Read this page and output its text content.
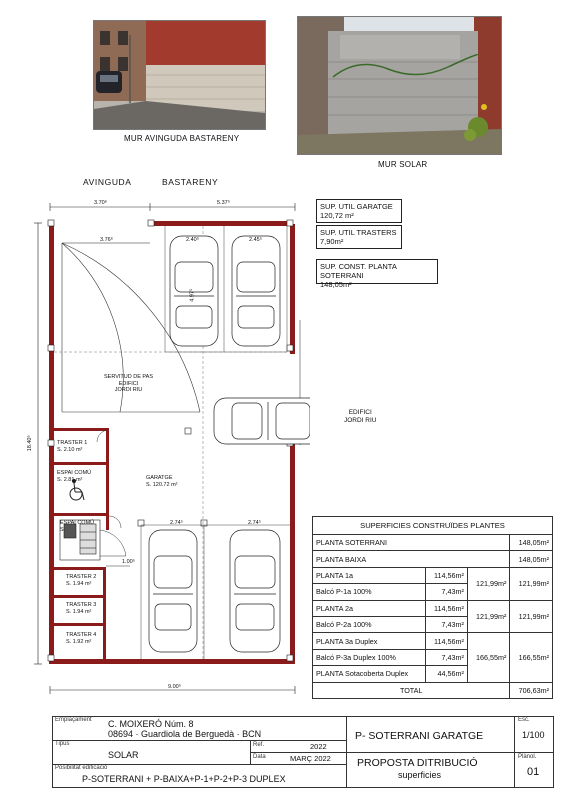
MUR AVINGUDA BASTARENY
MUR SOLAR
AVINGUDA	BASTARENY
SUP. UTIL GARATGE
120,72 m²
SUP. UTIL TRASTERS
7,90m²
SUP. CONST. PLANTA SOTERRANI
148,05m²
3.70⁶	5.37⁵
3.76⁶
18.40⁵
9.00⁵
2.40⁵	2.45⁵
4.97⁵
2.74⁵	2.74⁵
1.00⁵
SERVITUD DE PAS
EDIFICI
JORDI RIU
EDIFICI
JORDI RIU
GARATGE
S. 120.72 m²
TRASTER 1
S. 2.10 m²
ESPAI COMÚ
S. 2.81 m²
ESPAI COMÚ
S.
TRASTER 2
S. 1.94 m²
TRASTER 3
S. 1.94 m²
TRASTER 4
S. 1.92 m²
SUPERFICIES CONSTRUÏDES PLANTES			
PLANTA SOTERRANI			148,05m²
PLANTA BAIXA			148,05m²
PLANTA 1a	114,56m²	121,99m²	121,99m²
Balcó P-1a 100%	7,43m²		
PLANTA 2a	114,56m²	121,99m²	121,99m²
Balcó P-2a 100%	7,43m²		
PLANTA 3a Duplex	114,56m²	166,55m²	166,55m²
Balcó P-3a Duplex 100%	7,43m²		
PLANTA Sotacoberta Duplex	44,56m²		
TOTAL			706,63m²
Emplaçament C. MOIXERÓ Núm. 8
08694 · Guardiola de Berguedà · BCN
Tipus
SOLAR
Ref.	2022
Data	MARÇ 2022
Posibilitat edificació
P-SOTERRANI + P-BAIXA+P-1+P-2+P-3 DUPLEX
P- SOTERRANI GARATGE
Esc.
1/100
PROPOSTA DITRIBUCIÓ
superficies
Plànol.
01
